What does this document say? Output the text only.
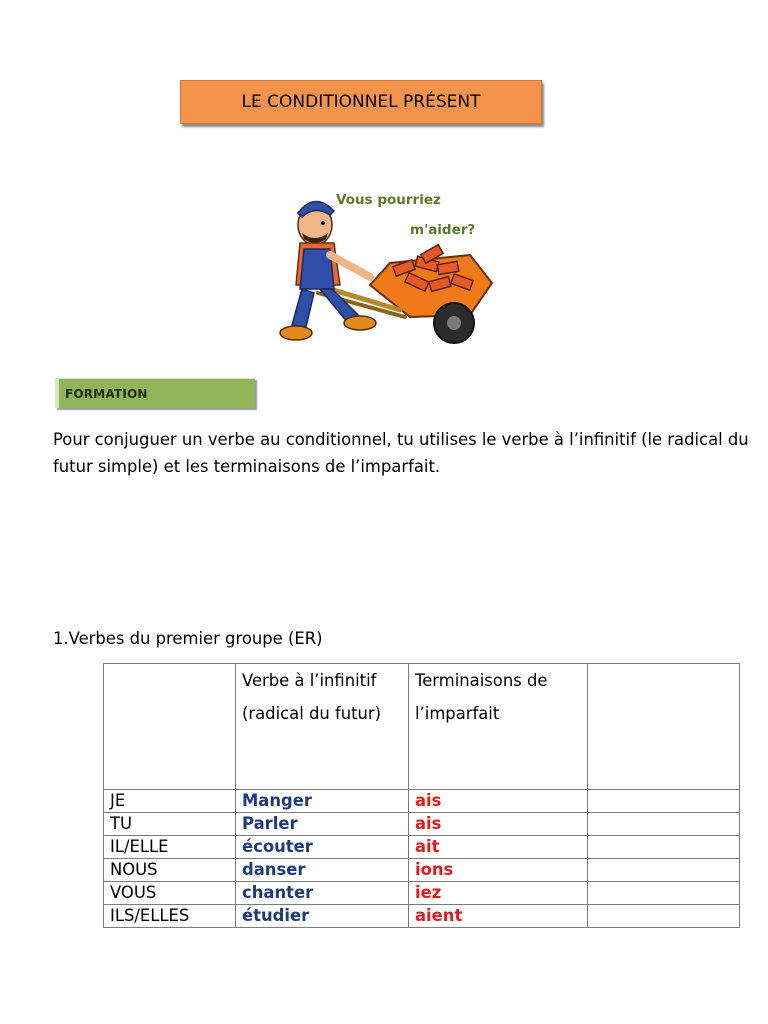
LE CONDITIONNEL PRÉSENT
Vous pourriez
m'aider?
FORMATION
Pour conjuguer un verbe au conditionnel, tu utilises le verbe à l’infinitif (le radical du futur simple) et les terminaisons de l’imparfait.
1.Verbes du premier groupe (ER)
	Verbe à l’infinitif (radical du futur)	Terminaisons de l’imparfait	
JE	Manger	ais	
TU	Parler	ais	
IL/ELLE	écouter	ait	
NOUS	danser	ions	
VOUS	chanter	iez	
ILS/ELLES	étudier	aient	
